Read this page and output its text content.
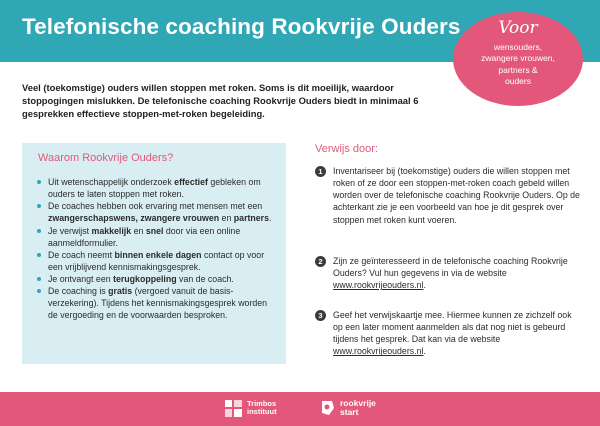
Telefonische coaching Rookvrije Ouders	Voor
wensouders,
zwangere vrouwen,
partners &
ouders

Veel (toekomstige) ouders willen stoppen met roken. Soms is dit moeilijk, waardoor stoppogingen mislukken. De telefonische coaching Rookvrije Ouders biedt in minimaal 6 gesprekken effectieve stoppen-met-roken begeleiding.

Waarom Rookvrije Ouders?
Uit wetenschappelijk onderzoek effectief gebleken om ouders te laten stoppen met roken.
De coaches hebben ook ervaring met mensen met een zwangerschapswens, zwangere vrouwen en partners.
Je verwijst makkelijk en snel door via een online aanmeldformulier.
De coach neemt binnen enkele dagen contact op voor een vrijblijvend kennismakingsgesprek.
Je ontvangt een terugkoppeling van de coach.
De coaching is gratis (vergoed vanuit de basis-verzekering). Tijdens het kennismakingsgesprek worden de vergoeding en de voorwaarden besproken.
Verwijs door:
1	Inventariseer bij (toekomstige) ouders die willen stoppen met roken of ze door een stoppen-met-roken coach gebeld willen worden over de telefonische coaching Rookvrije Ouders. Op de achterkant zie je een voorbeeld van hoe je dit gesprek over stoppen met roken kunt voeren.

2	Zijn ze geïnteresseerd in de telefonische coaching Rookvrije Ouders? Vul hun gegevens in via de website www.rookvrijeouders.nl.

3	Geef het verwijskaartje mee. Hiermee kunnen ze zichzelf ook op een later moment aanmelden als dat nog niet is gebeurd tijdens het gesprek. Dat kan via de website www.rookvrijeouders.nl.

Trimbos
instituut
rookvrije
start
